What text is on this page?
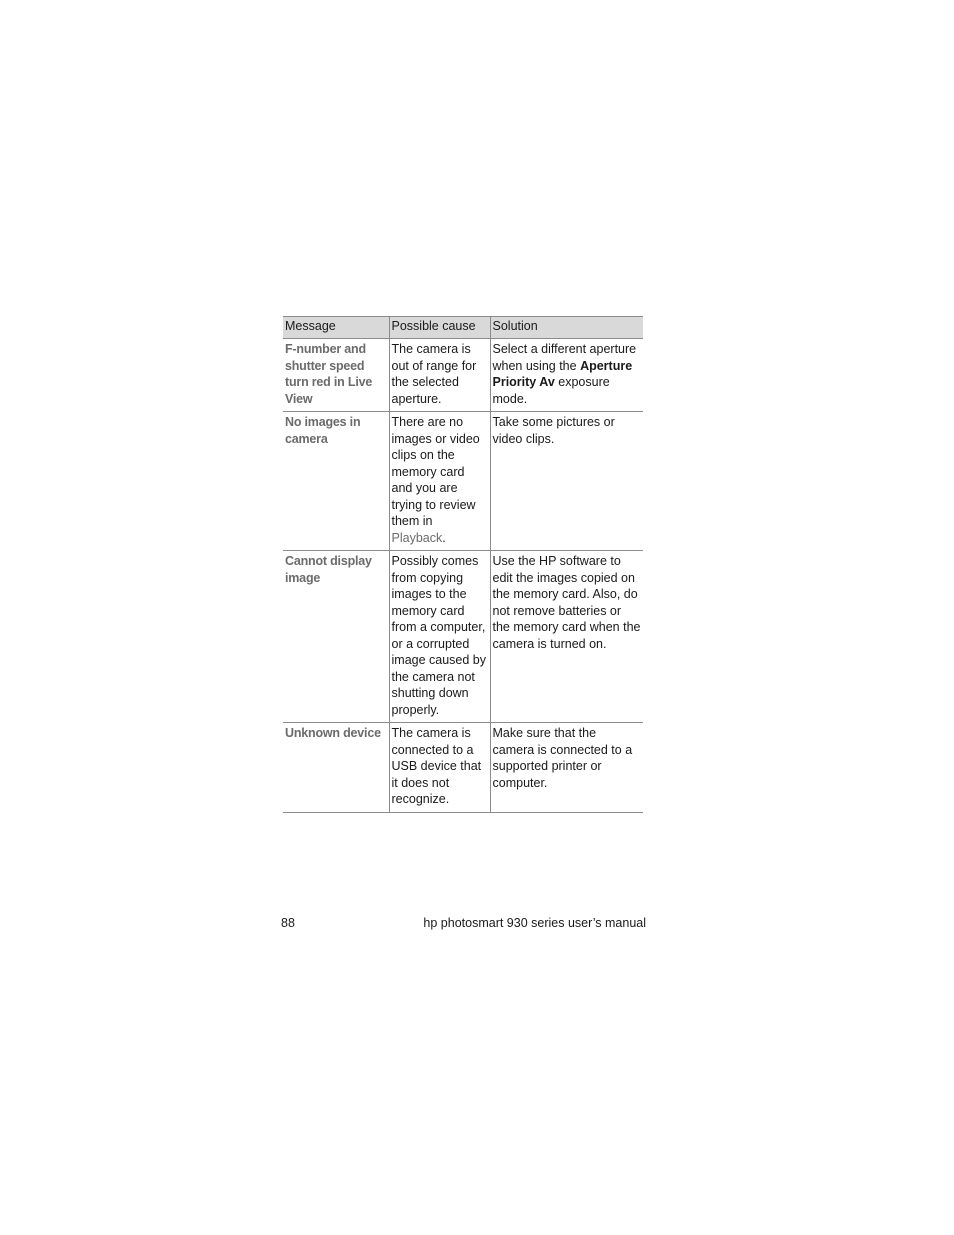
Message	Possible cause	Solution
F-number and shutter speed turn red in Live View	The camera is out of range for the selected aperture.	Select a different aperture when using the Aperture Priority Av exposure mode.
No images in camera	There are no images or video clips on the memory card and you are trying to review them in Playback.	Take some pictures or video clips.
Cannot display image	Possibly comes from copying images to the memory card from a computer, or a corrupted image caused by the camera not shutting down properly.	Use the HP software to edit the images copied on the memory card. Also, do not remove batteries or the memory card when the camera is turned on.
Unknown device	The camera is connected to a USB device that it does not recognize.	Make sure that the camera is connected to a supported printer or computer.
88	hp photosmart 930 series user’s manual
